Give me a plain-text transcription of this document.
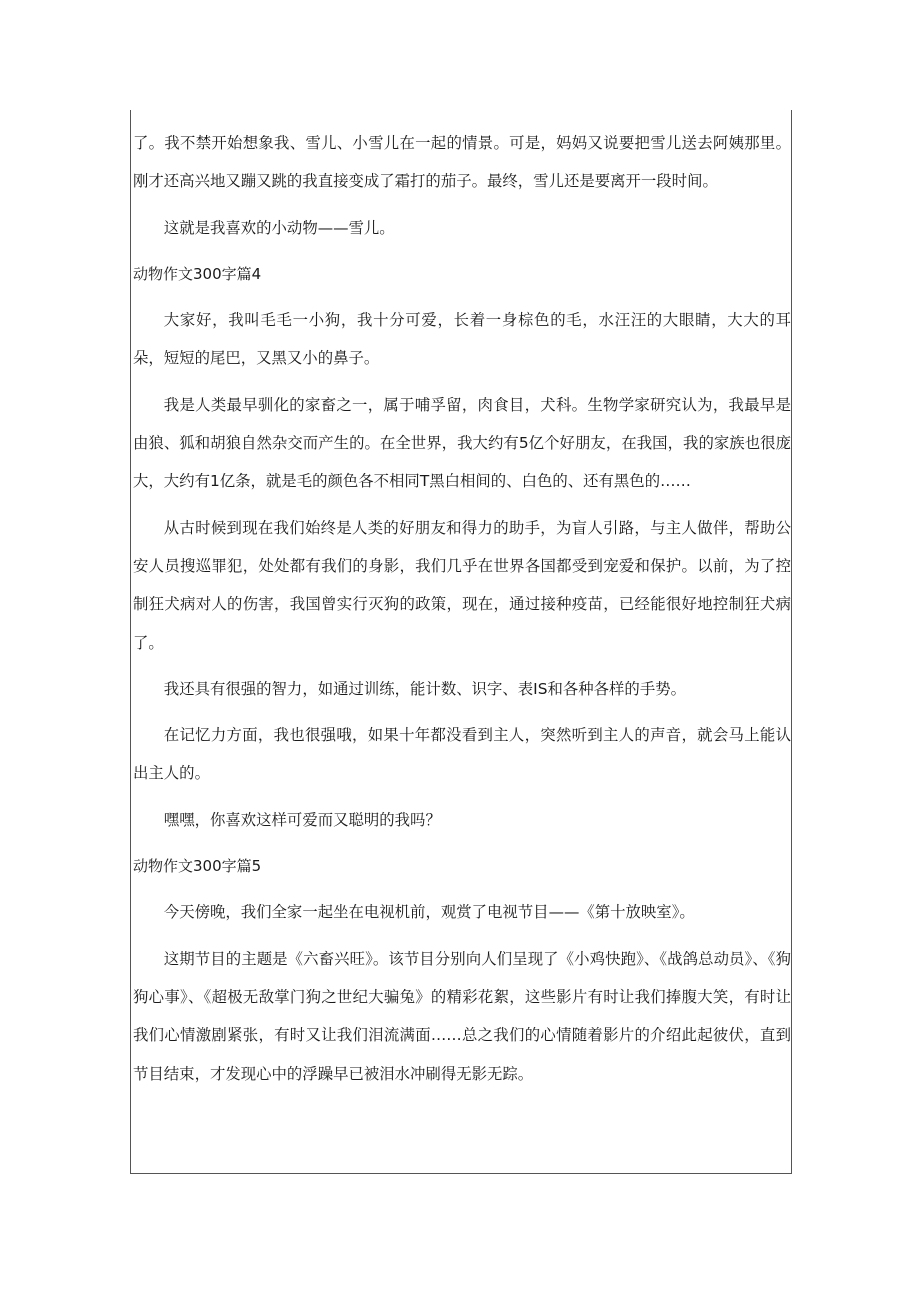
了。我不禁开始想象我、雪儿、小雪儿在一起的情景。可是，妈妈又说要把雪儿送去阿姨那里。刚才还高兴地又蹦又跳的我直接变成了霜打的茄子。最终，雪儿还是要离开一段时间。

这就是我喜欢的小动物——雪儿。

动物作文300字篇4

大家好，我叫毛毛一小狗，我十分可爱，长着一身棕色的毛，水汪汪的大眼睛，大大的耳朵，短短的尾巴，又黑又小的鼻子。

我是人类最早驯化的家畜之一，属于哺孚留，肉食目，犬科。生物学家研究认为，我最早是由狼、狐和胡狼自然杂交而产生的。在全世界，我大约有5亿个好朋友，在我国，我的家族也很庞大，大约有1亿条，就是毛的颜色各不相同T黑白相间的、白色的、还有黑色的……

从古时候到现在我们始终是人类的好朋友和得力的助手，为盲人引路，与主人做伴，帮助公安人员搜巡罪犯，处处都有我们的身影，我们几乎在世界各国都受到宠爱和保护。以前，为了控制狂犬病对人的伤害，我国曾实行灭狗的政策，现在，通过接种疫苗，已经能很好地控制狂犬病了。

我还具有很强的智力，如通过训练，能计数、识字、表IS和各种各样的手势。

在记忆力方面，我也很强哦，如果十年都没看到主人，突然听到主人的声音，就会马上能认出主人的。

嘿嘿，你喜欢这样可爱而又聪明的我吗？

动物作文300字篇5

今天傍晚，我们全家一起坐在电视机前，观赏了电视节目——《第十放映室》。

这期节目的主题是《六畜兴旺》。该节目分别向人们呈现了《小鸡快跑》、《战鸽总动员》、《狗狗心事》、《超极无敌掌门狗之世纪大骗兔》的精彩花絮，这些影片有时让我们捧腹大笑，有时让我们心情激剧紧张，有时又让我们泪流满面……总之我们的心情随着影片的介绍此起彼伏，直到节目结束，才发现心中的浮躁早已被泪水冲刷得无影无踪。
